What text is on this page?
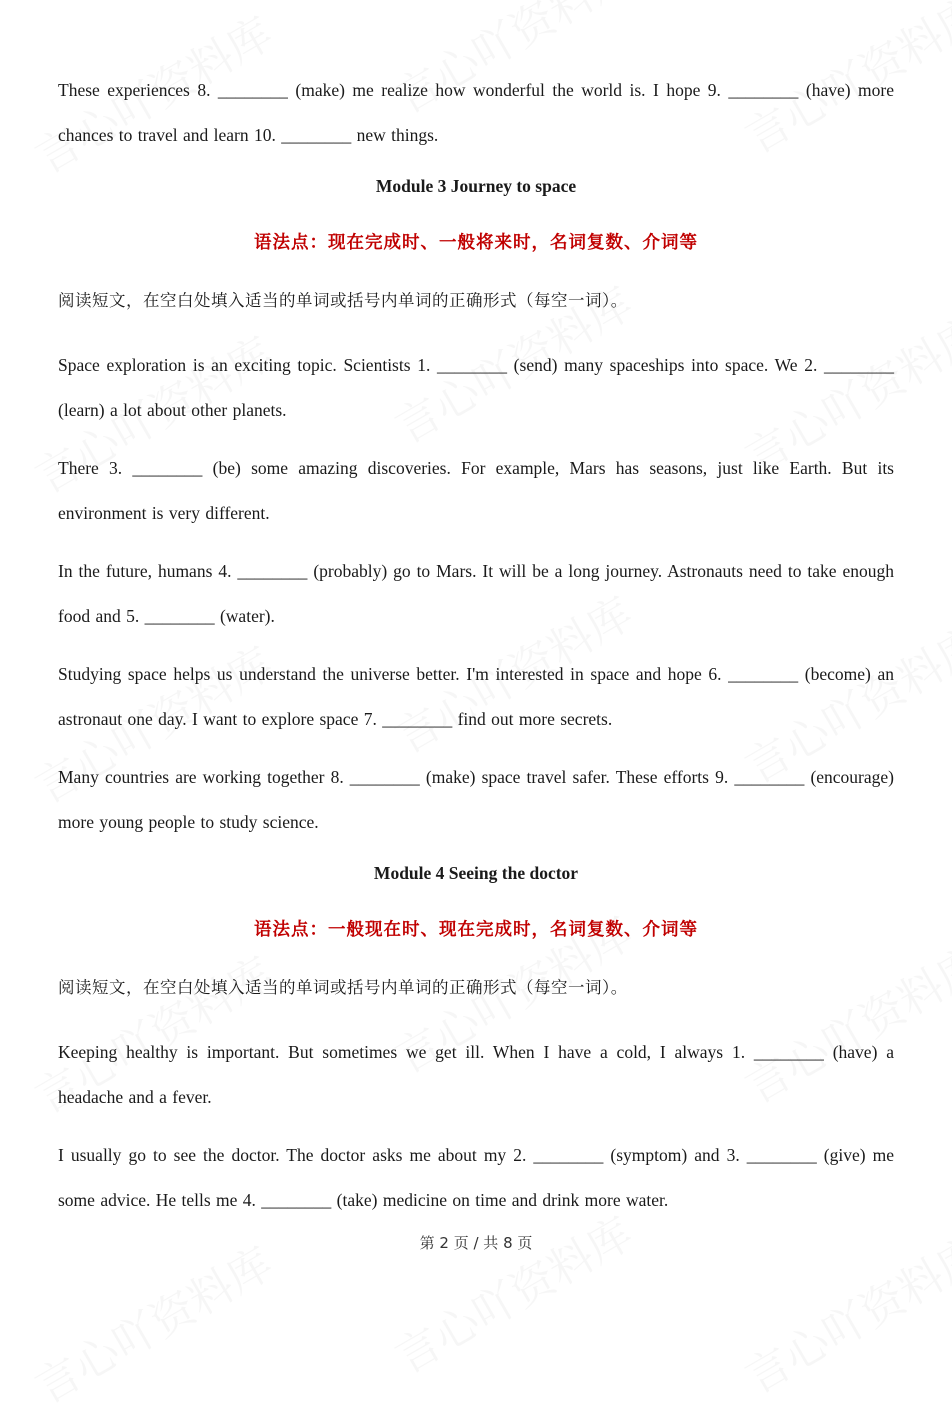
These experiences 8. ________ (make) me realize how wonderful the world is. I hope 9. ________ (have) more chances to travel and learn 10. ________ new things.

Module 3 Journey to space
语法点：现在完成时、一般将来时，名词复数、介词等
阅读短文，在空白处填入适当的单词或括号内单词的正确形式（每空一词）。

Space exploration is an exciting topic. Scientists 1. ________ (send) many spaceships into space. We 2. ________ (learn) a lot about other planets.

There 3. ________ (be) some amazing discoveries. For example, Mars has seasons, just like Earth. But its environment is very different.

In the future, humans 4. ________ (probably) go to Mars. It will be a long journey. Astronauts need to take enough food and 5. ________ (water).

Studying space helps us understand the universe better. I'm interested in space and hope 6. ________ (become) an astronaut one day. I want to explore space 7. ________ find out more secrets.

Many countries are working together 8. ________ (make) space travel safer. These efforts 9. ________ (encourage) more young people to study science.

Module 4 Seeing the doctor
语法点：一般现在时、现在完成时，名词复数、介词等
阅读短文，在空白处填入适当的单词或括号内单词的正确形式（每空一词）。

Keeping healthy is important. But sometimes we get ill. When I have a cold, I always 1. ________ (have) a headache and a fever.

I usually go to see the doctor. The doctor asks me about my 2. ________ (symptom) and 3. ________ (give) me some advice. He tells me 4. ________ (take) medicine on time and drink more water.

第 2 页 / 共 8 页
